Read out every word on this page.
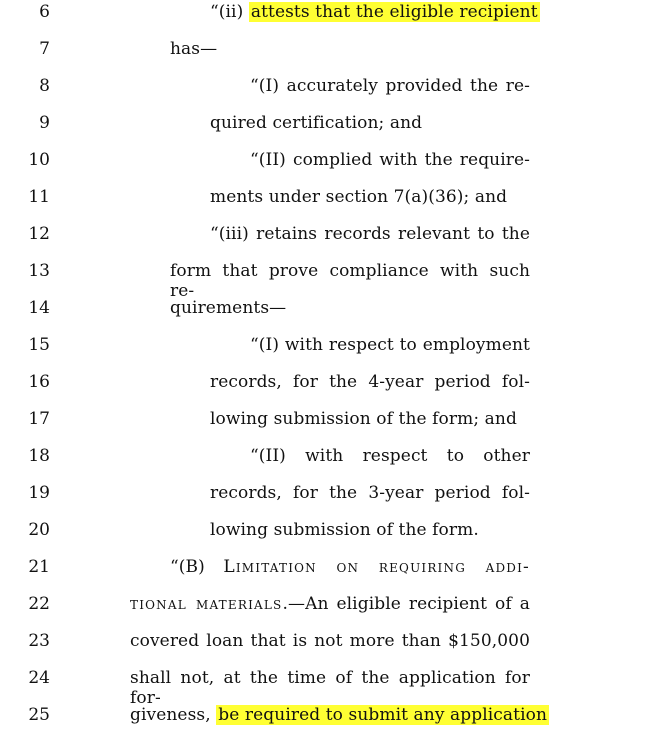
6	“(ii) attests that the eligible recipient
7	has—
8	“(I) accurately provided the re-
9	quired certification; and
10	“(II) complied with the require-
11	ments under section 7(a)(36); and
12	“(iii) retains records relevant to the
13	form that prove compliance with such re-
14	quirements—
15	“(I) with respect to employment
16	records, for the 4-year period fol-
17	lowing submission of the form; and
18	“(II) with respect to other
19	records, for the 3-year period fol-
20	lowing submission of the form.
21	“(B) Limitation on requiring addi-
22	tional materials.—An eligible recipient of a
23	covered loan that is not more than $150,000
24	shall not, at the time of the application for for-
25	giveness, be required to submit any application
